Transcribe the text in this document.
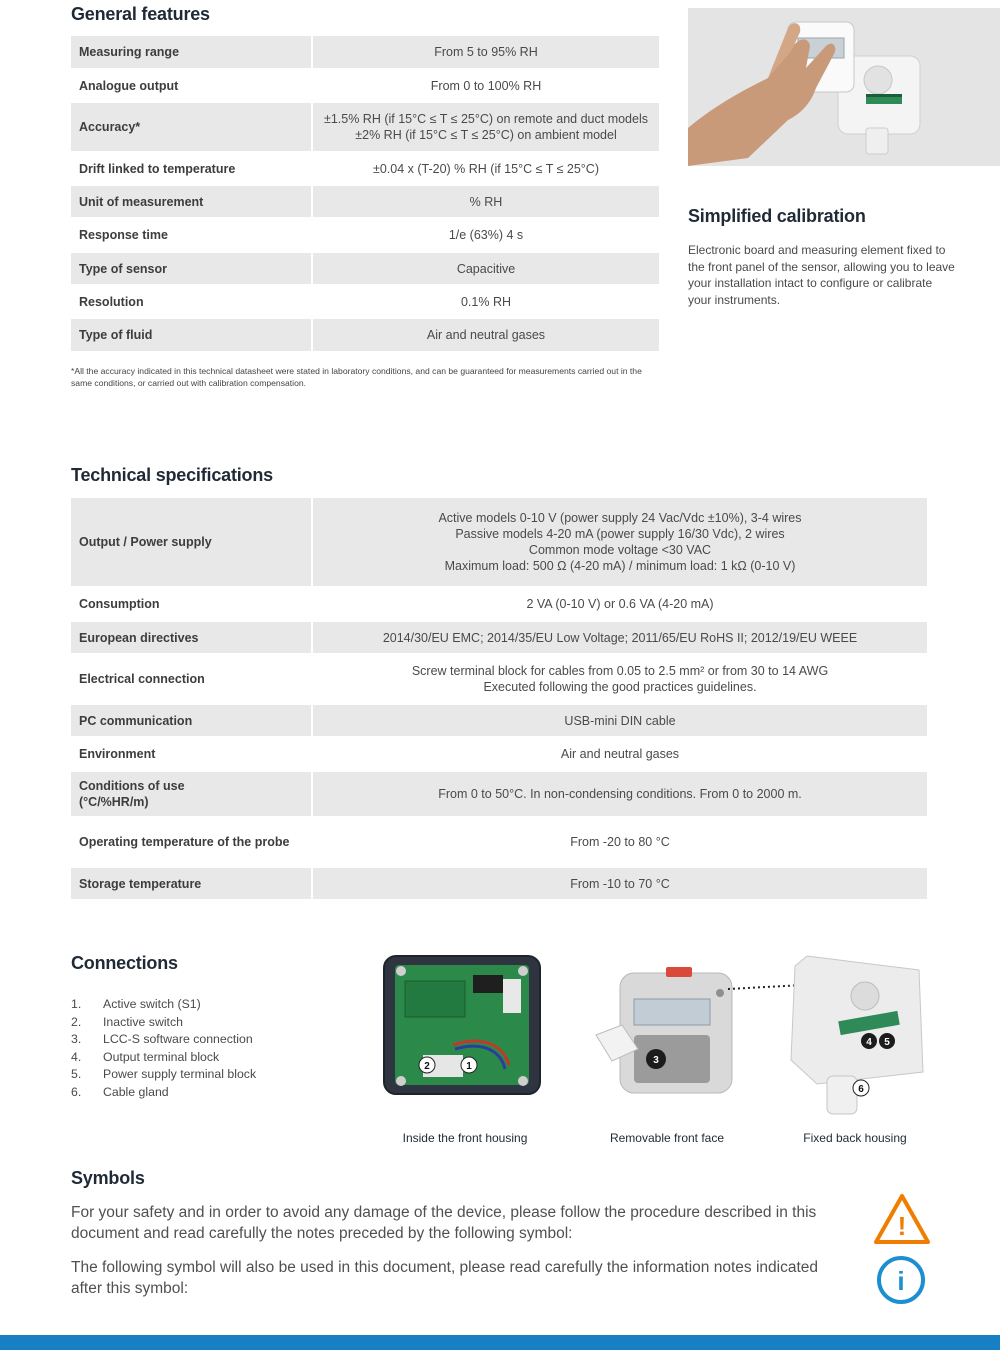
General features
Measuring range	From 5 to 95% RH
Analogue output	From 0 to 100% RH
Accuracy*	±1.5% RH (if 15°C ≤ T ≤ 25°C) on remote and duct models
±2% RH (if 15°C ≤ T ≤ 25°C) on ambient model
Drift linked to temperature	±0.04 x (T-20) % RH (if 15°C ≤ T ≤ 25°C)
Unit of measurement	% RH
Response time	1/e (63%) 4 s
Type of sensor	Capacitive
Resolution	0.1% RH
Type of fluid	Air and neutral gases
*All the accuracy indicated in this technical datasheet were stated in laboratory conditions, and can be guaranteed for measurements carried out in the same conditions, or carried out with calibration compensation.
Simplified calibration
Electronic board and measuring element fixed to the front panel of the sensor, allowing you to leave your installation intact to configure or calibrate your instruments.
Technical specifications
Output / Power supply	Active models 0-10 V (power supply 24 Vac/Vdc ±10%), 3-4 wires
Passive models 4-20 mA (power supply 16/30 Vdc), 2 wires
Common mode voltage <30 VAC
Maximum load: 500 Ω (4-20 mA) / minimum load: 1 kΩ (0-10 V)
Consumption	2 VA (0-10 V) or 0.6 VA (4-20 mA)
European directives	2014/30/EU EMC; 2014/35/EU Low Voltage; 2011/65/EU RoHS II; 2012/19/EU WEEE
Electrical connection	Screw terminal block for cables from 0.05 to 2.5 mm² or from 30 to 14 AWG
Executed following the good practices guidelines.
PC communication	USB-mini DIN cable
Environment	Air and neutral gases
Conditions of use
(°C/%HR/m)	From 0 to 50°C. In non-condensing conditions. From 0 to 2000 m.
Operating temperature of the probe	From -20 to 80 °C
Storage temperature	From -10 to 70 °C
Connections
1.	Active switch (S1)
2.	Inactive switch
3.	LCC-S software connection
4.	Output terminal block
5.	Power supply terminal block
6.	Cable gland
2	1
3
4 5
6
Inside the front housing	Removable front face	Fixed back housing
Symbols
For your safety and in order to avoid any damage of the device, please follow the procedure described in this document and read carefully the notes preceded by the following symbol:
The following symbol will also be used in this document, please read carefully the information notes indicated after this symbol:
!
i
